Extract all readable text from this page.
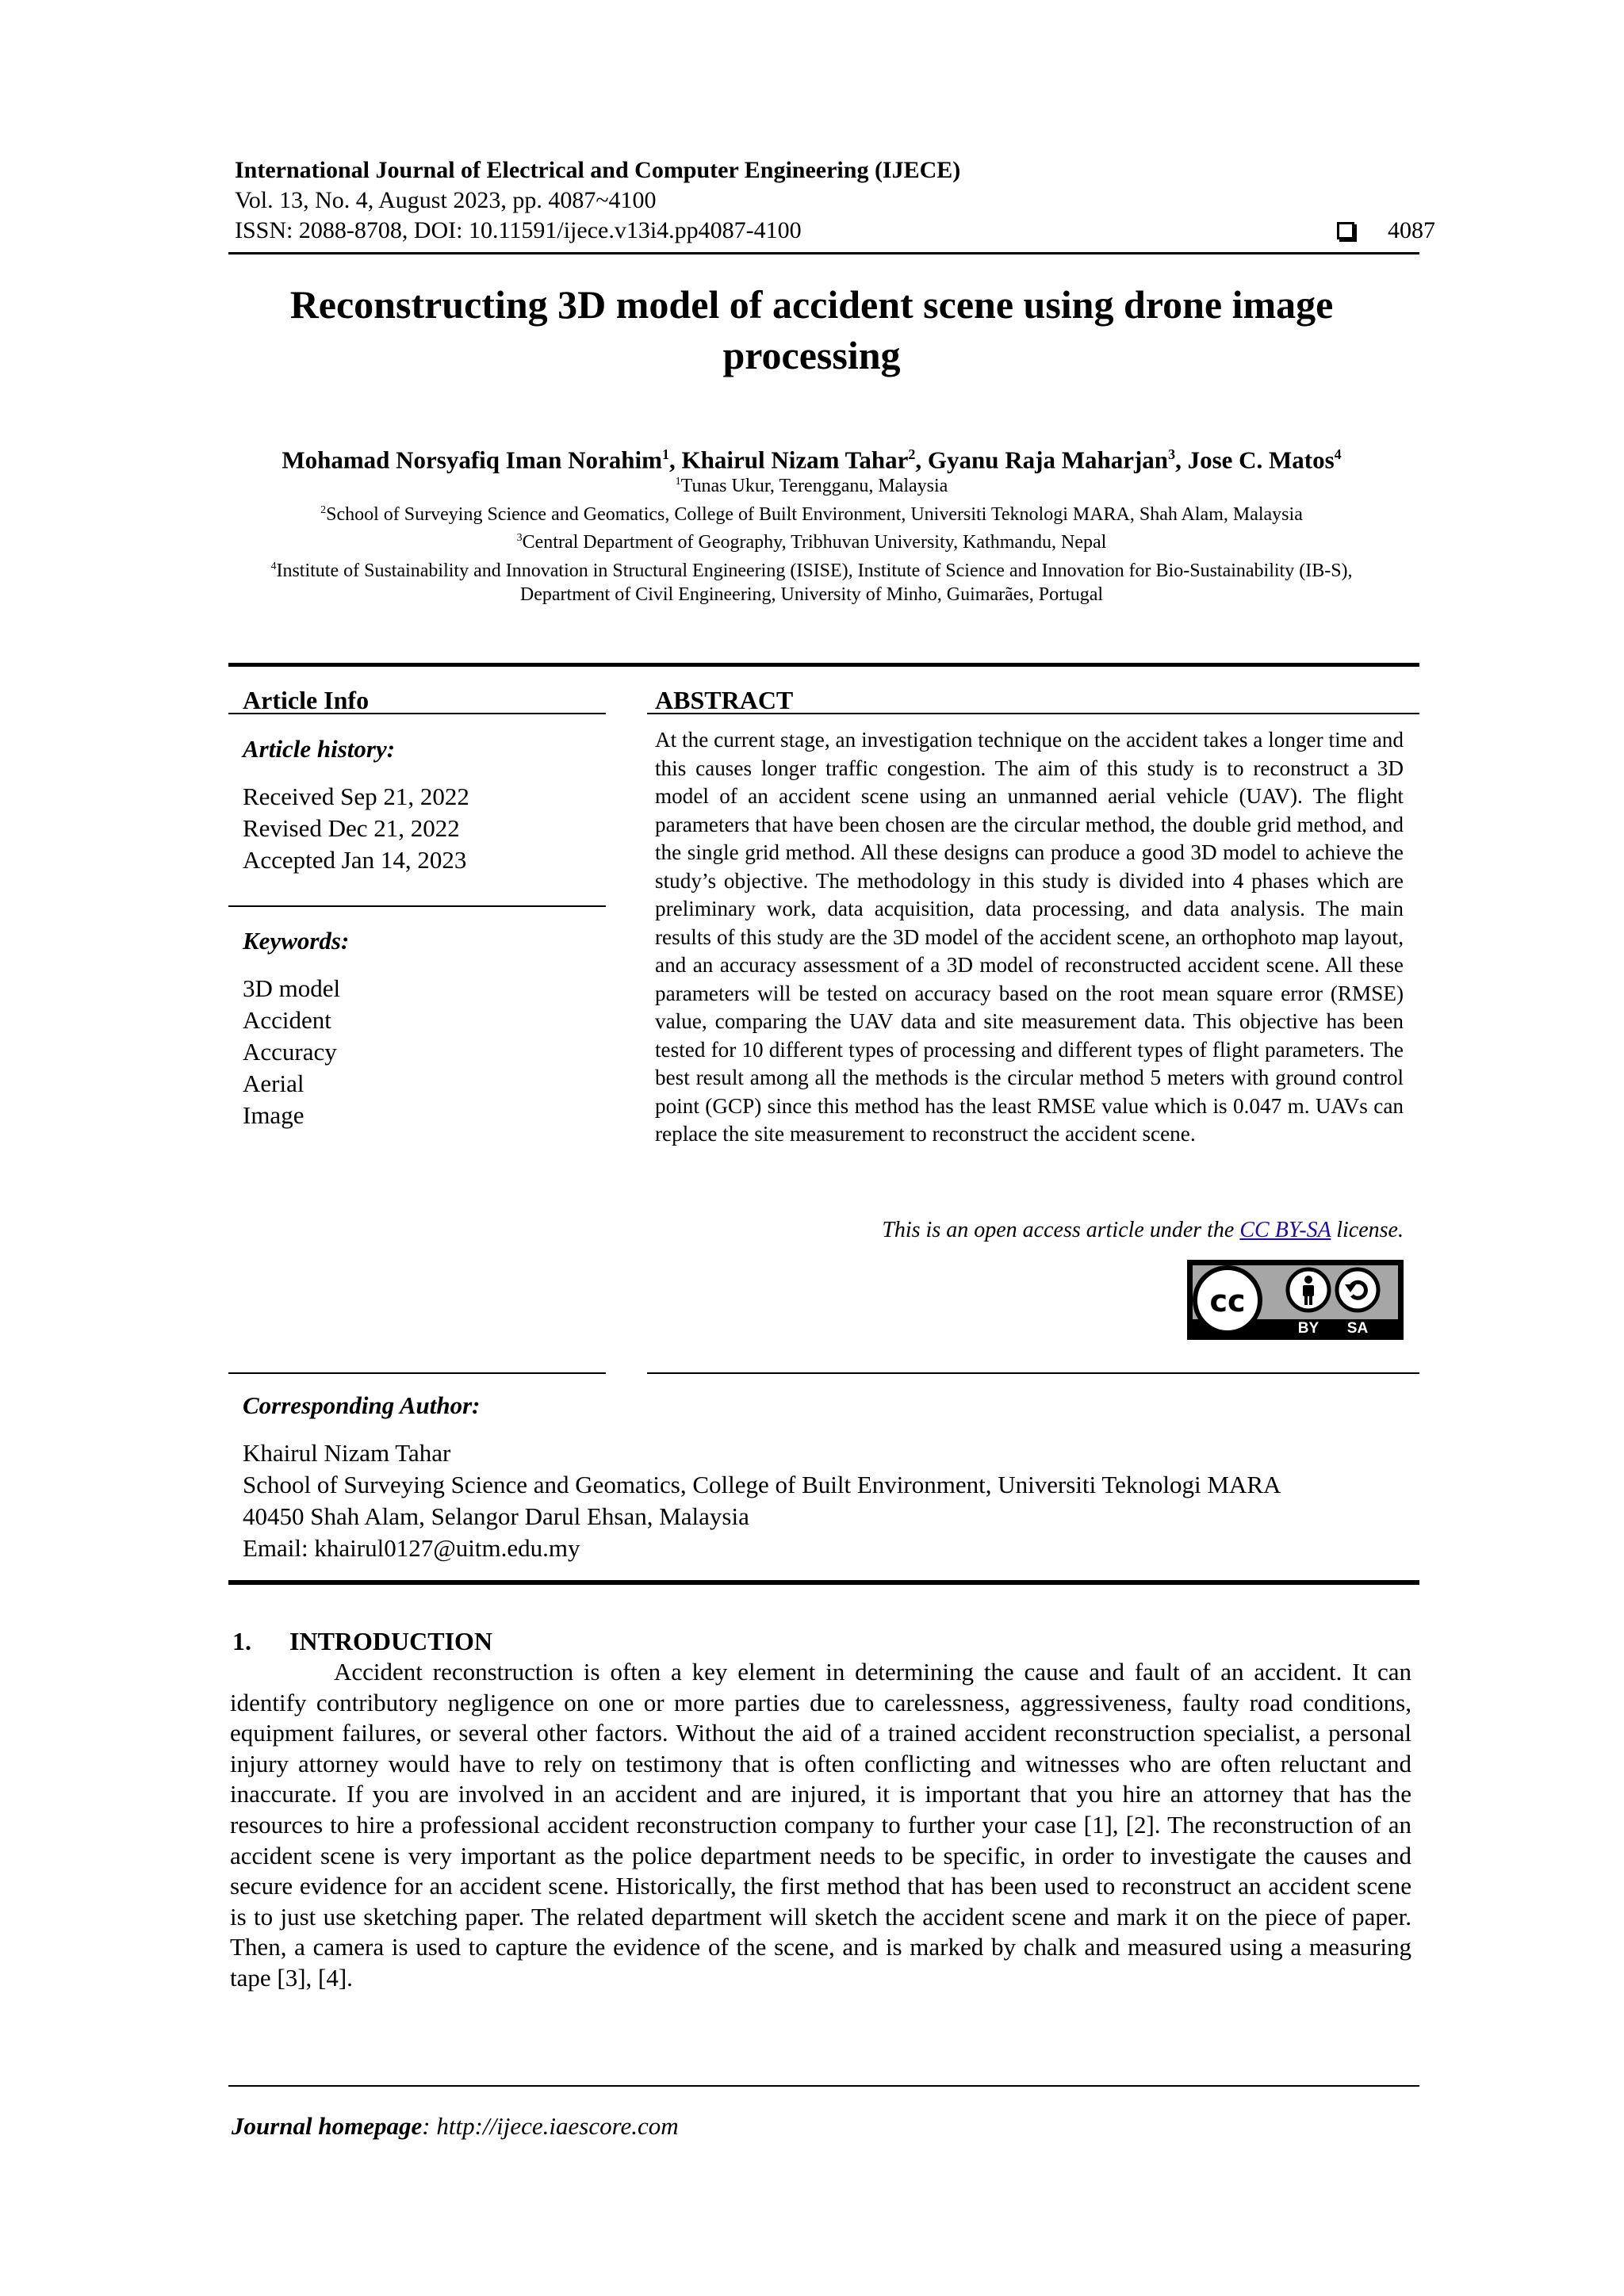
International Journal of Electrical and Computer Engineering (IJECE)
Vol. 13, No. 4, August 2023, pp. 4087~4100
ISSN: 2088-8708, DOI: 10.11591/ijece.v13i4.pp4087-4100	4087
Reconstructing 3D model of accident scene using drone image
processing
Mohamad Norsyafiq Iman Norahim$^1$, Khairul Nizam Tahar$^2$, Gyanu Raja Maharjan$^3$, Jose C. Matos$^4$
$^1$Tunas Ukur, Terengganu, Malaysia
$^2$School of Surveying Science and Geomatics, College of Built Environment, Universiti Teknologi MARA, Shah Alam, Malaysia
$^3$Central Department of Geography, Tribhuvan University, Kathmandu, Nepal
$^4$Institute of Sustainability and Innovation in Structural Engineering (ISISE), Institute of Science and Innovation for Bio-Sustainability (IB-S), Department of Civil Engineering, University of Minho, Guimarães, Portugal
Article Info
Article history:
Received Sep 21, 2022
Revised Dec 21, 2022
Accepted Jan 14, 2023
Keywords:
3D model
Accident
Accuracy
Aerial
Image
ABSTRACT
At the current stage, an investigation technique on the accident takes a longer time and this causes longer traffic congestion. The aim of this study is to reconstruct a 3D model of an accident scene using an unmanned aerial vehicle (UAV). The flight parameters that have been chosen are the circular method, the double grid method, and the single grid method. All these designs can produce a good 3D model to achieve the study’s objective. The methodology in this study is divided into 4 phases which are preliminary work, data acquisition, data processing, and data analysis. The main results of this study are the 3D model of the accident scene, an orthophoto map layout, and an accuracy assessment of a 3D model of reconstructed accident scene. All these parameters will be tested on accuracy based on the root mean square error (RMSE) value, comparing the UAV data and site measurement data. This objective has been tested for 10 different types of processing and different types of flight parameters. The best result among all the methods is the circular method 5 meters with ground control point (GCP) since this method has the least RMSE value which is 0.047 m. UAVs can replace the site measurement to reconstruct the accident scene.
This is an open access article under the CC BY-SA license.
cc
BY SA
Corresponding Author:
Khairul Nizam Tahar
School of Surveying Science and Geomatics, College of Built Environment, Universiti Teknologi MARA
40450 Shah Alam, Selangor Darul Ehsan, Malaysia
Email: khairul0127@uitm.edu.my
1. INTRODUCTION
Accident reconstruction is often a key element in determining the cause and fault of an accident. It can identify contributory negligence on one or more parties due to carelessness, aggressiveness, faulty road conditions, equipment failures, or several other factors. Without the aid of a trained accident reconstruction specialist, a personal injury attorney would have to rely on testimony that is often conflicting and witnesses who are often reluctant and inaccurate. If you are involved in an accident and are injured, it is important that you hire an attorney that has the resources to hire a professional accident reconstruction company to further your case [1], [2]. The reconstruction of an accident scene is very important as the police department needs to be specific, in order to investigate the causes and secure evidence for an accident scene. Historically, the first method that has been used to reconstruct an accident scene is to just use sketching paper. The related department will sketch the accident scene and mark it on the piece of paper. Then, a camera is used to capture the evidence of the scene, and is marked by chalk and measured using a measuring tape [3], [4].
Journal homepage: http://ijece.iaescore.com
